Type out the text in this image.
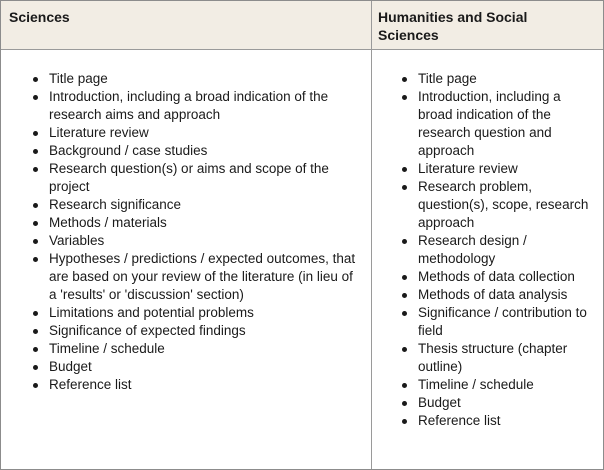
Sciences	Humanities and Social Sciences
Title page
Introduction, including a broad indication of the research aims and approach
Literature review
Background / case studies
Research question(s) or aims and scope of the project
Research significance
Methods / materials
Variables
Hypotheses / predictions / expected outcomes, that are based on your review of the literature (in lieu of a 'results' or 'discussion' section)
Limitations and potential problems
Significance of expected findings
Timeline / schedule
Budget
Reference list
Title page
Introduction, including a broad indication of the research question and approach
Literature review
Research problem, question(s), scope, research approach
Research design / methodology
Methods of data collection
Methods of data analysis
Significance / contribution to field
Thesis structure (chapter outline)
Timeline / schedule
Budget
Reference list
